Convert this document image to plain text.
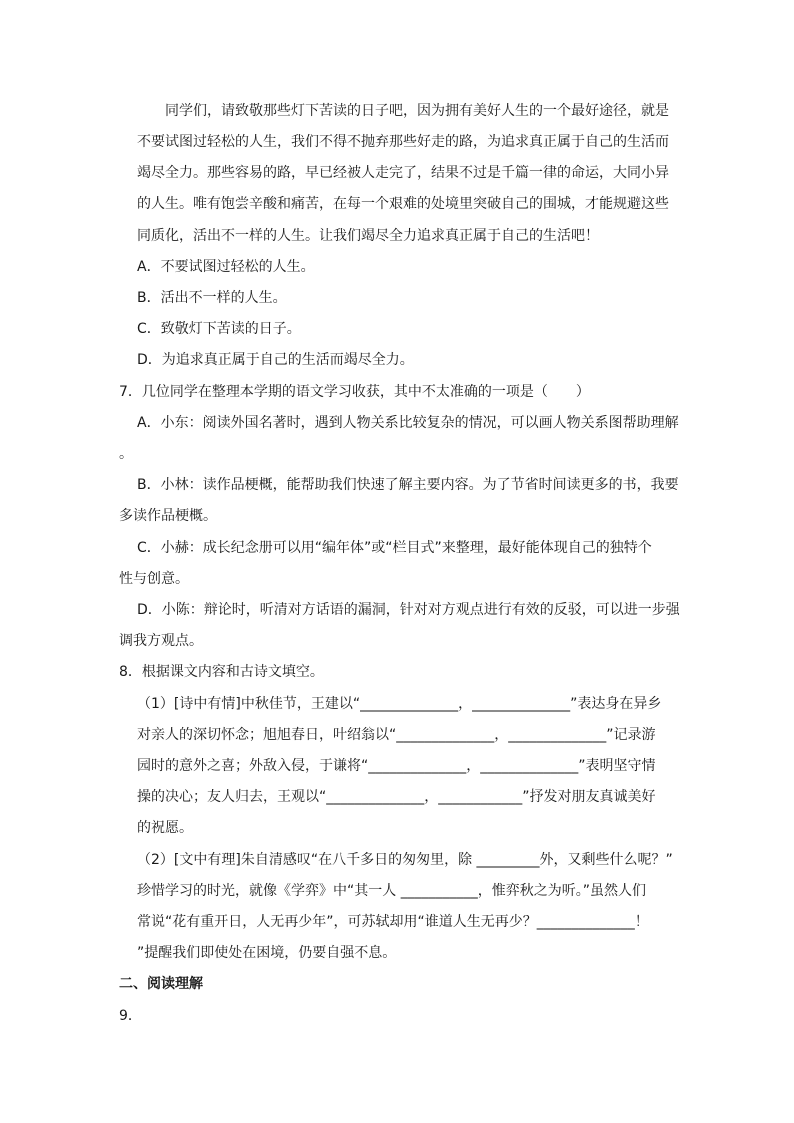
同学们，请致敬那些灯下苦读的日子吧，因为拥有美好人生的一个最好途径，就是
不要试图过轻松的人生，我们不得不抛弃那些好走的路，为追求真正属于自己的生活而
竭尽全力。那些容易的路，早已经被人走完了，结果不过是千篇一律的命运，大同小异
的人生。唯有饱尝辛酸和痛苦，在每一个艰难的处境里突破自己的围城，才能规避这些
同质化，活出不一样的人生。让我们竭尽全力追求真正属于自己的生活吧！
A．不要试图过轻松的人生。
B．活出不一样的人生。
C．致敬灯下苦读的日子。
D．为追求真正属于自己的生活而竭尽全力。
7．几位同学在整理本学期的语文学习收获，其中不太准确的一项是（　　）
A．小东：阅读外国名著时，遇到人物关系比较复杂的情况，可以画人物关系图帮助理解
。
B．小林：读作品梗概，能帮助我们快速了解主要内容。为了节省时间读更多的书，我要
多读作品梗概。
C．小赫：成长纪念册可以用“编年体”或“栏目式”来整理，最好能体现自己的独特个
性与创意。
D．小陈：辩论时，听清对方话语的漏洞，针对对方观点进行有效的反驳，可以进一步强
调我方观点。
8．根据课文内容和古诗文填空。
（1）[诗中有情]中秋佳节，王建以“______________，______________”表达身在异乡
对亲人的深切怀念；旭旭春日，叶绍翁以“______________，______________”记录游
园时的意外之喜；外敌入侵，于谦将“______________，______________”表明坚守情
操的决心；友人归去，王观以“______________，____________”抒发对朋友真诚美好
的祝愿。
（2）[文中有理]朱自清感叹“在八千多日的匆匆里，除 _________外，又剩些什么呢？”
珍惜学习的时光，就像《学弈》中“其一人 ___________，惟弈秋之为听。”虽然人们
常说“花有重开日，人无再少年”，可苏轼却用“谁道人生无再少？______________！
”提醒我们即使处在困境，仍要自强不息。
二、阅读理解
9．
